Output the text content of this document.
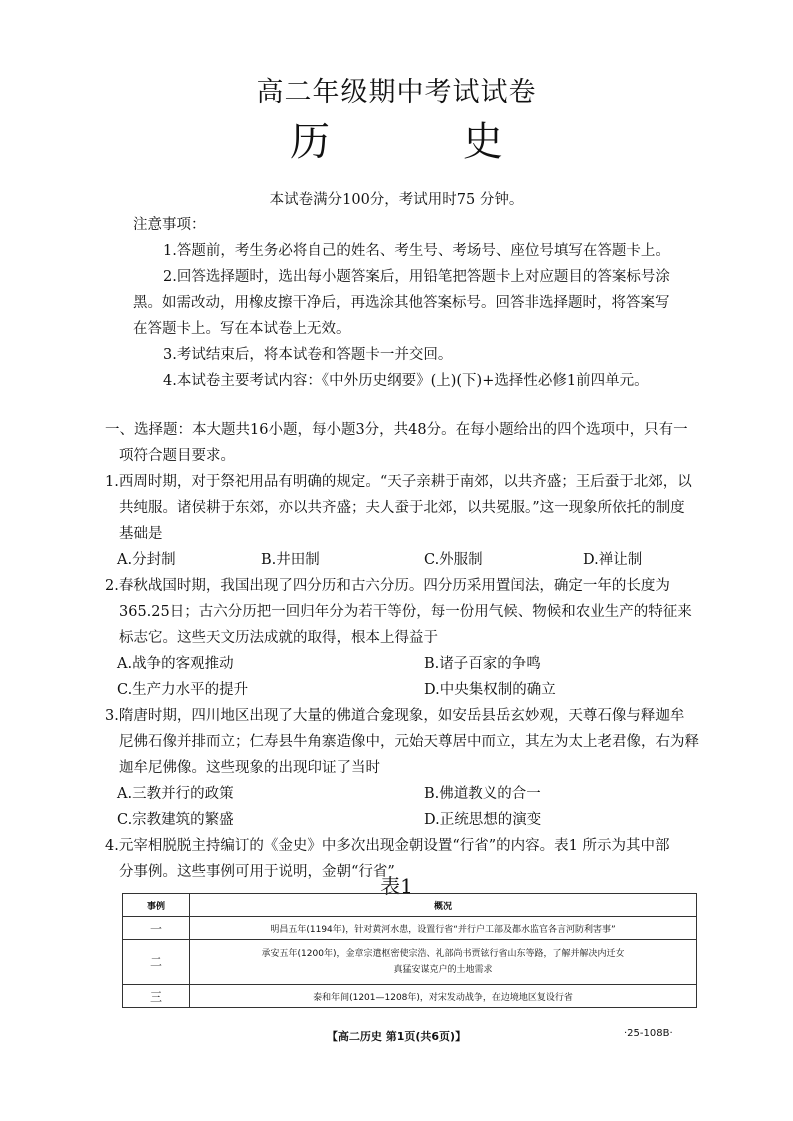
高二年级期中考试试卷
历 史
本试卷满分100分，考试用时75 分钟。
注意事项：
1.答题前，考生务必将自己的姓名、考生号、考场号、座位号填写在答题卡上。
2.回答选择题时，选出每小题答案后，用铅笔把答题卡上对应题目的答案标号涂
黑。如需改动，用橡皮擦干净后，再选涂其他答案标号。回答非选择题时，将答案写
在答题卡上。写在本试卷上无效。
3.考试结束后，将本试卷和答题卡一并交回。
4.本试卷主要考试内容：《中外历史纲要》(上)(下)+选择性必修1前四单元。
一、选择题：本大题共16小题，每小题3分，共48分。在每小题给出的四个选项中，只有一
项符合题目要求。
1.西周时期，对于祭祀用品有明确的规定。“天子亲耕于南郊，以共齐盛；王后蚕于北郊，以
共纯服。诸侯耕于东郊，亦以共齐盛；夫人蚕于北郊，以共冕服。”这一现象所依托的制度
基础是
A.分封制	B.井田制	C.外服制	D.禅让制
2.春秋战国时期，我国出现了四分历和古六分历。四分历采用置闰法，确定一年的长度为
365.25日；古六分历把一回归年分为若干等份，每一份用气候、物候和农业生产的特征来
标志它。这些天文历法成就的取得，根本上得益于
A.战争的客观推动	B.诸子百家的争鸣
C.生产力水平的提升	D.中央集权制的确立
3.隋唐时期，四川地区出现了大量的佛道合龛现象，如安岳县岳玄妙观，天尊石像与释迦牟
尼佛石像并排而立；仁寿县牛角寨造像中，元始天尊居中而立，其左为太上老君像，右为释
迦牟尼佛像。这些现象的出现印证了当时
A.三教并行的政策	B.佛道教义的合一
C.宗教建筑的繁盛	D.正统思想的演变
4.元宰相脱脱主持编订的《金史》中多次出现金朝设置“行省”的内容。表1 所示为其中部
分事例。这些事例可用于说明，金朝“行省”
表1
事例	概况
一	明昌五年(1194年)，针对黄河水患，设置行省“并行户工部及都水监官各言河防利害事”
二	承安五年(1200年)，金章宗遣枢密使宗浩、礼部尚书贾铉行省山东等路，了解并解决内迁女真猛安谋克户的土地需求
三	泰和年间(1201—1208年)，对宋发动战争，在边境地区复设行省
【高二历史 第1页(共6页)】	·25-108B·
